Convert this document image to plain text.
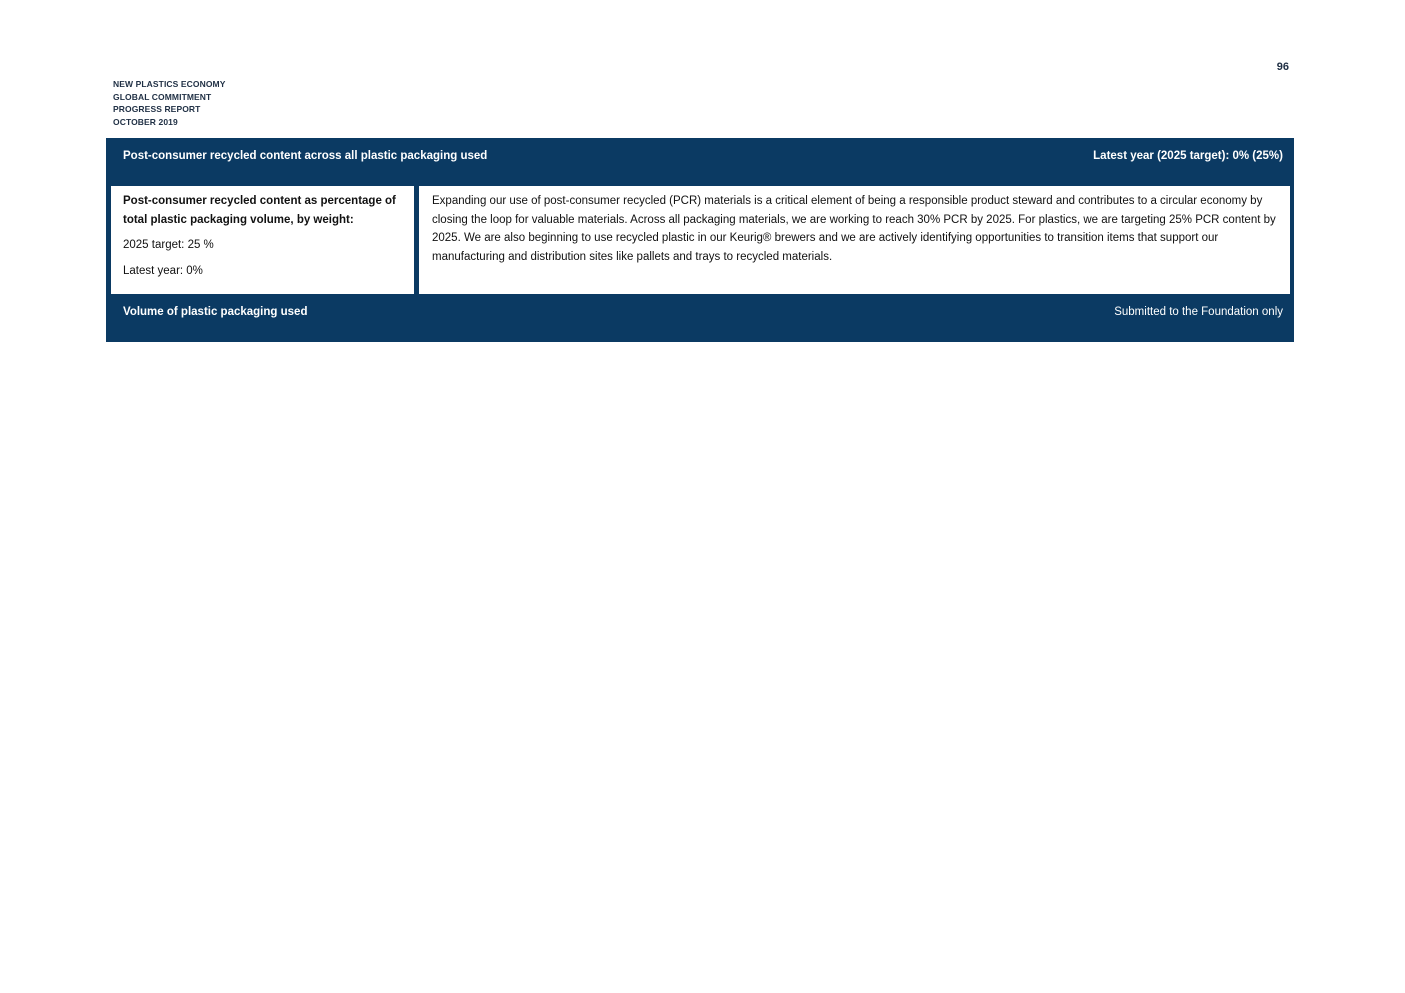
NEW PLASTICS ECONOMY
GLOBAL COMMITMENT
PROGRESS REPORT
OCTOBER 2019
96
Post-consumer recycled content across all plastic packaging used	Latest year (2025 target): 0% (25%)
Post-consumer recycled content as percentage of total plastic packaging volume, by weight:
2025 target: 25 %
Latest year: 0%
Expanding our use of post-consumer recycled (PCR) materials is a critical element of being a responsible product steward and contributes to a circular economy by closing the loop for valuable materials. Across all packaging materials, we are working to reach 30% PCR by 2025. For plastics, we are targeting 25% PCR content by 2025. We are also beginning to use recycled plastic in our Keurig® brewers and we are actively identifying opportunities to transition items that support our manufacturing and distribution sites like pallets and trays to recycled materials.
Volume of plastic packaging used	Submitted to the Foundation only
